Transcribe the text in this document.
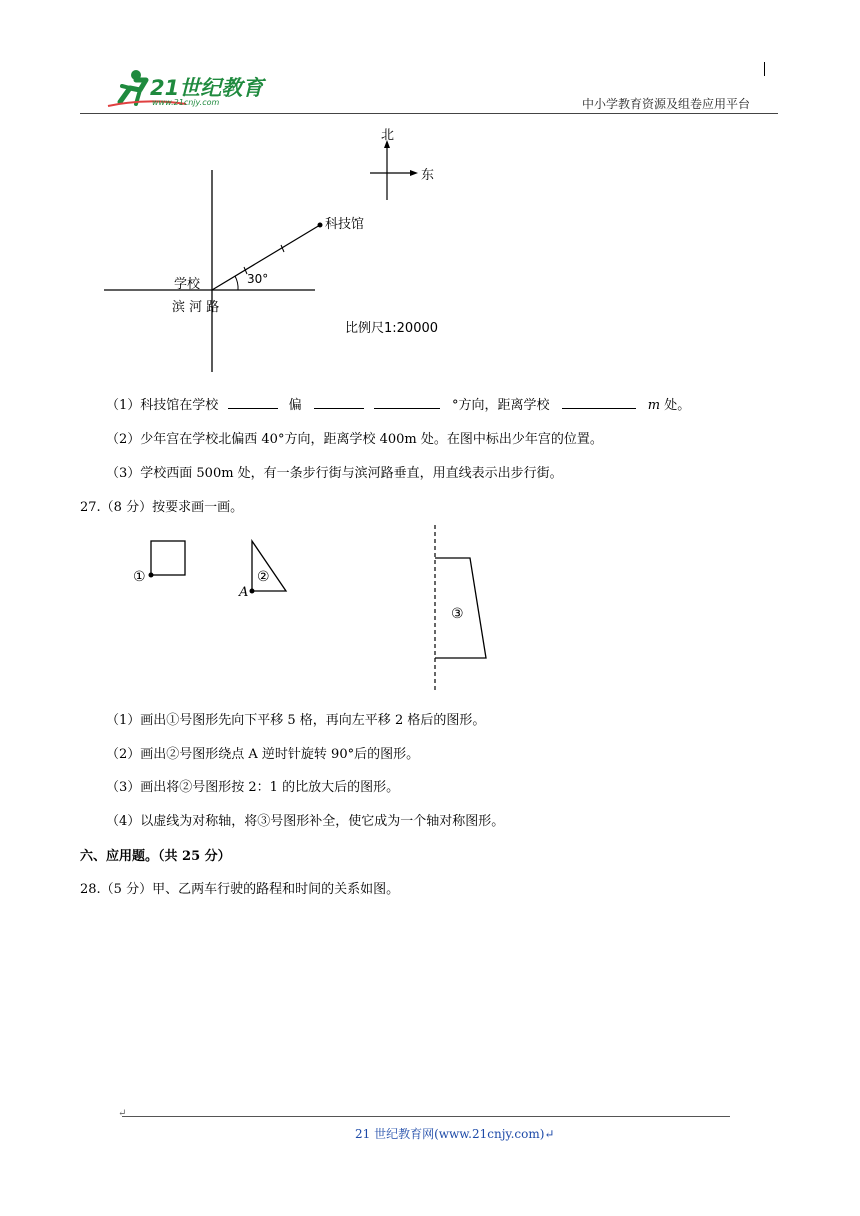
21世纪教育
www.21cnjy.com	中小学教育资源及组卷应用平台
北
东
科技馆
学校
滨 河 路
30°
比例尺1:20000
（1）科技馆在学校	偏	°方向，距离学校	m 处。
（2）少年宫在学校北偏西 40°方向，距离学校 400m 处。在图中标出少年宫的位置。
（3）学校西面 500m 处，有一条步行街与滨河路垂直，用直线表示出步行街。
27.（8 分）按要求画一画。
①	②
A
③
（1）画出①号图形先向下平移 5 格，再向左平移 2 格后的图形。
（2）画出②号图形绕点 A 逆时针旋转 90°后的图形。
（3）画出将②号图形按 2：1 的比放大后的图形。
（4）以虚线为对称轴，将③号图形补全，使它成为一个轴对称图形。
六、应用题。（共 25 分）
28.（5 分）甲、乙两车行驶的路程和时间的关系如图。
↵
21 世纪教育网(www.21cnjy.com)↵
